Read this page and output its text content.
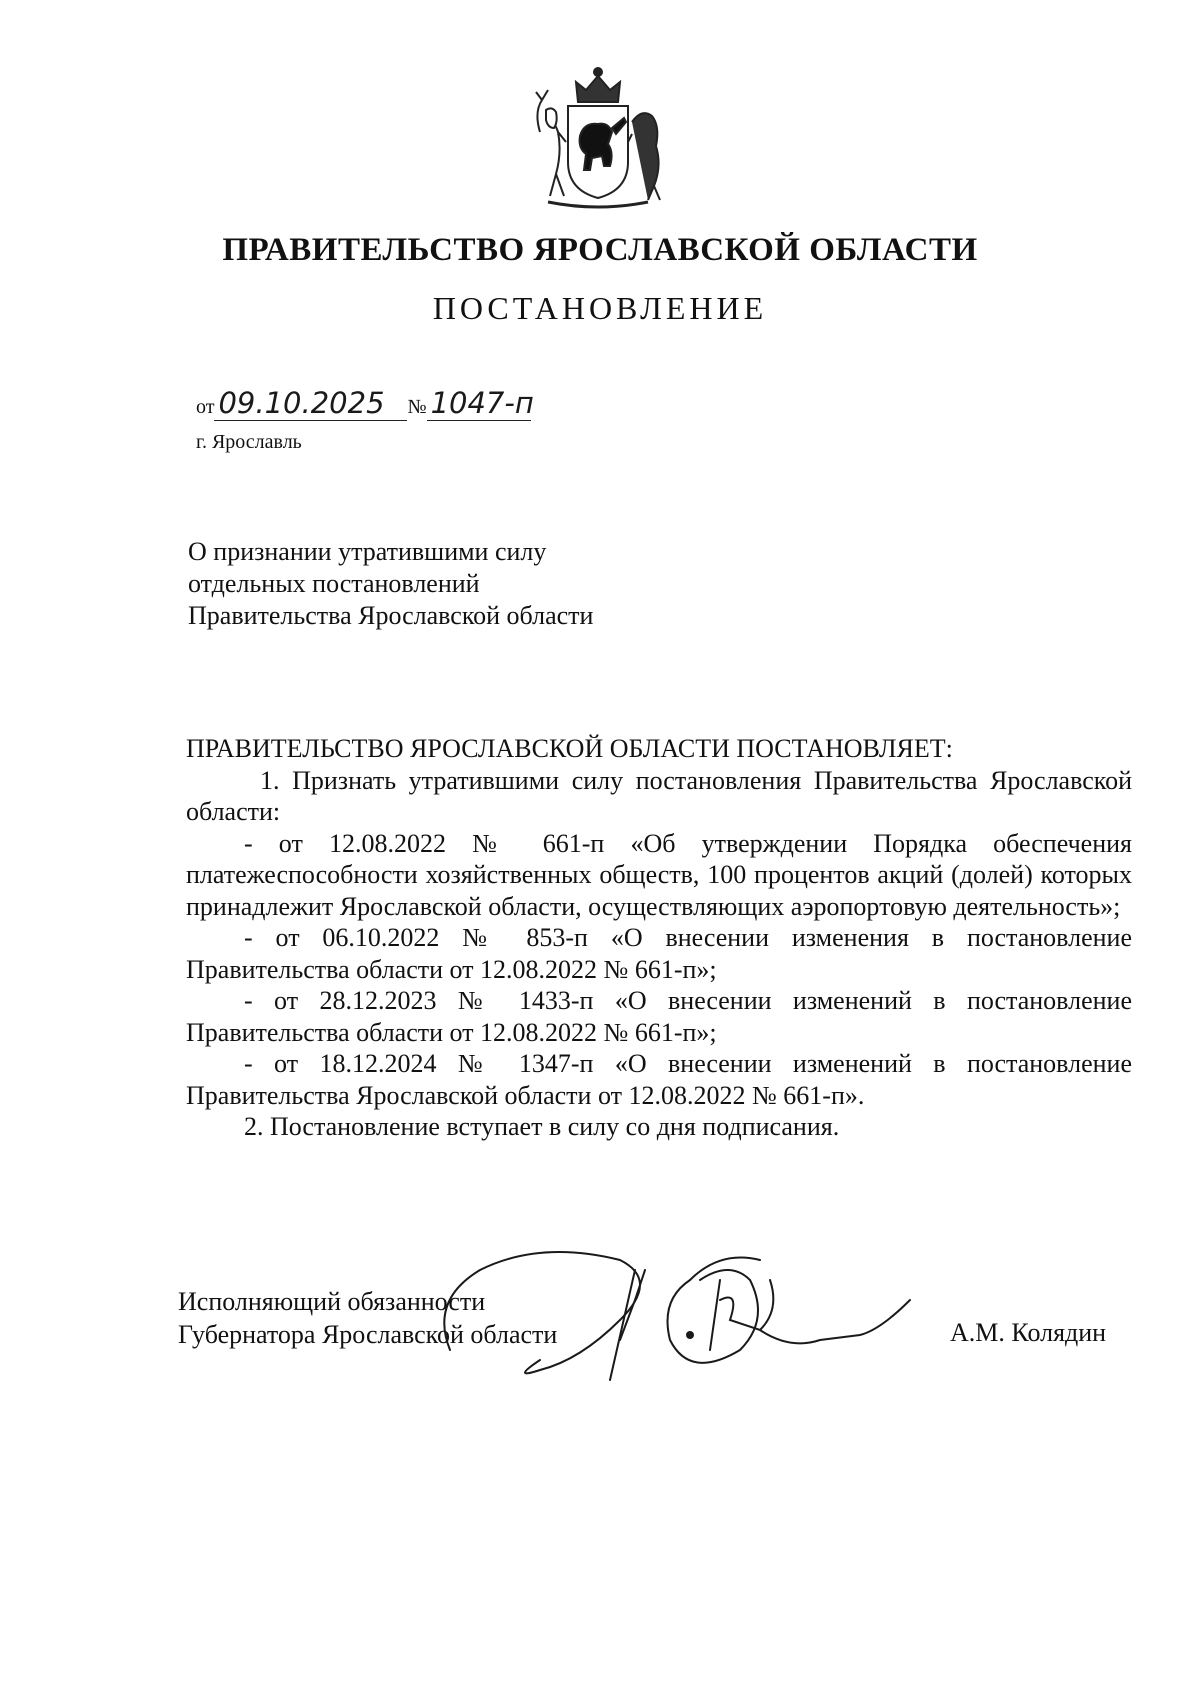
ПРАВИТЕЛЬСТВО ЯРОСЛАВСКОЙ ОБЛАСТИ
ПОСТАНОВЛЕНИЕ
от 09.10.2025 № 1047-п
г. Ярославль
О признании утратившими силу отдельных постановлений Правительства Ярославской области

ПРАВИТЕЛЬСТВО ЯРОСЛАВСКОЙ ОБЛАСТИ ПОСТАНОВЛЯЕТ:

1. Признать утратившими силу постановления Правительства Ярославской области:

- от 12.08.2022 № 661-п «Об утверждении Порядка обеспечения платежеспособности хозяйственных обществ, 100 процентов акций (долей) которых принадлежит Ярославской области, осуществляющих аэропортовую деятельность»;

- от 06.10.2022 № 853-п «О внесении изменения в постановление Правительства области от 12.08.2022 № 661-п»;

- от 28.12.2023 № 1433-п «О внесении изменений в постановление Правительства области от 12.08.2022 № 661-п»;

- от 18.12.2024 № 1347-п «О внесении изменений в постановление Правительства Ярославской области от 12.08.2022 № 661-п».

2. Постановление вступает в силу со дня подписания.

Исполняющий обязанности
Губернатора Ярославской области	А.М. Колядин
